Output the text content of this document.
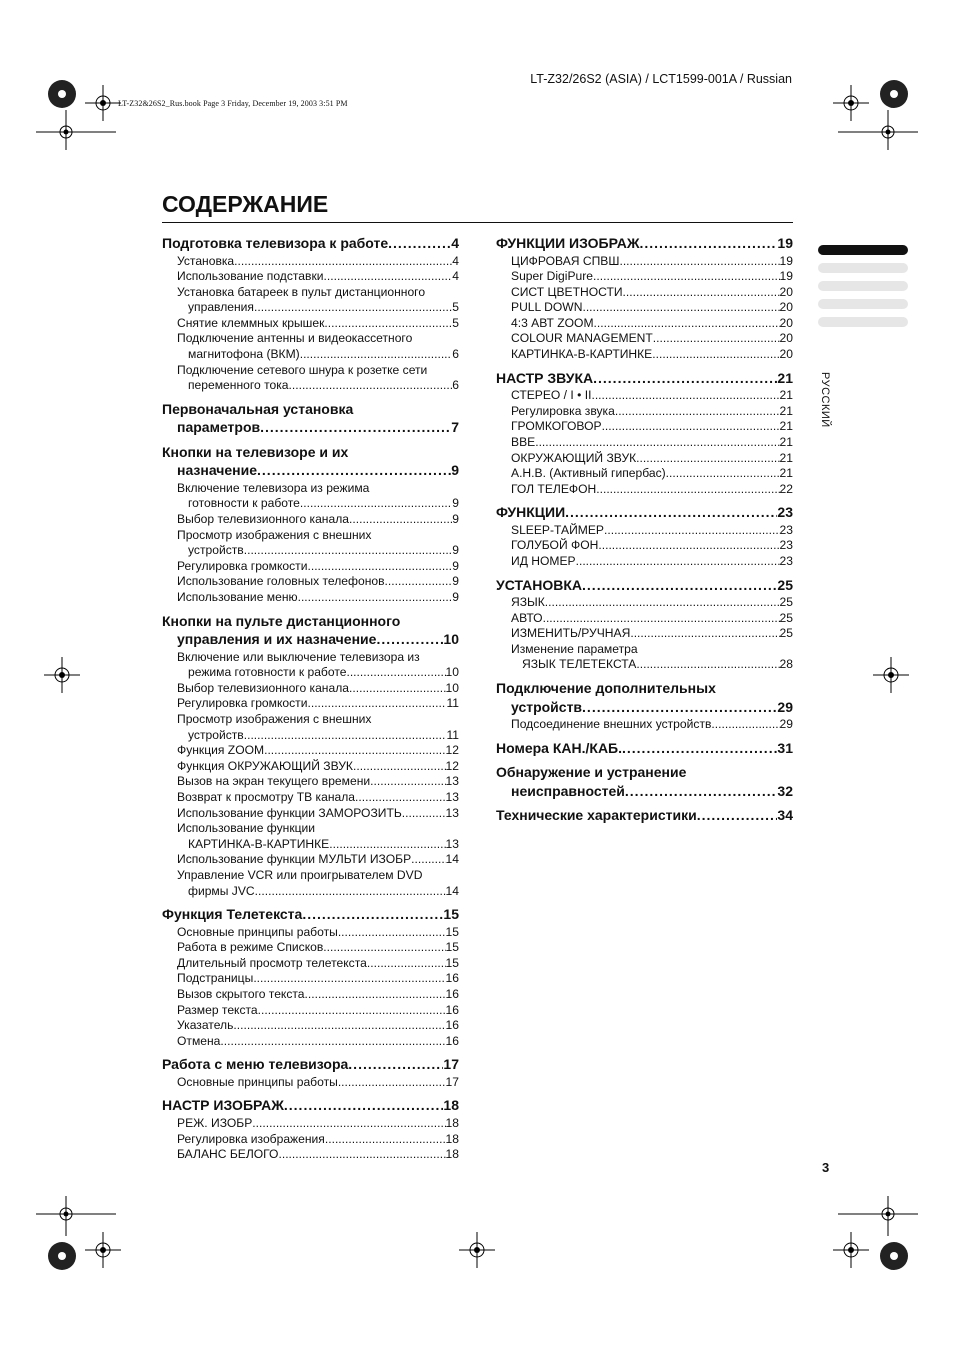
LT-Z32/26S2 (ASIA) / LCT1599-001A / Russian
LT-Z32&26S2_Rus.book Page 3 Friday, December 19, 2003 3:51 PM
СОДЕРЖАНИЕ
Подготовка телевизора к работе .....	4
Установка .....	4
Использование подставки .....	4
Установка батареек в пульт дистанционного
управления .....	5
Снятие клеммных крышек .....	5
Подключение антенны и видеокассетного
магнитофона (ВКМ) .....	6
Подключение сетевого шнура к розетке сети
переменного тока .....	6
Первоначальная установка
параметров .....	7
Кнопки на телевизоре и их
назначение .....	9
Включение телевизора из режима
готовности к работе .....	9
Выбор телевизионного канала .....	9
Просмотр изображения с внешних
устройств .....	9
Регулировка громкости .....	9
Использование головных телефонов .....	9
Использование меню .....	9
Кнопки на пульте дистанционного
управления и их назначение .....	10
Включение или выключение телевизора из
режима готовности к работе .....	10
Выбор телевизионного канала .....	10
Регулировка громкости .....	11
Просмотр изображения с внешних
устройств .....	11
Функция ZOOM .....	12
Функция ОКРУЖАЮЩИЙ ЗВУК .....	12
Вызов на экран текущего времени .....	13
Возврат к просмотру ТВ канала .....	13
Использование функции ЗАМОРОЗИТЬ .....	13
Использование функции
КАРТИНКА-В-КАРТИНКЕ .....	13
Использование функции МУЛЬТИ ИЗОБР .....	14
Управление VCR или проигрывателем DVD
фирмы JVC .....	14
Функция Телетекста .....	15
Основные принципы работы .....	15
Работа в режиме Списков .....	15
Длительный просмотр телетекста .....	15
Подстраницы .....	16
Вызов скрытого текста .....	16
Размер текста .....	16
Указатель .....	16
Отмена .....	16
Работа с меню телевизора .....	17
Основные принципы работы .....	17
НАСТР ИЗОБРАЖ .....	18
РЕЖ. ИЗОБР .....	18
Регулировка изображения .....	18
БАЛАНС БЕЛОГО .....	18
ФУНКЦИИ ИЗОБРАЖ .....	19
ЦИФРОВАЯ СПВШ .....	19
Super DigiPure .....	19
СИСТ ЦВЕТНОСТИ .....	20
PULL DOWN .....	20
4:3 АВТ ZOOM .....	20
COLOUR MANAGEMENT .....	20
КАРТИНКА-В-КАРТИНКЕ .....	20
НАСТР ЗВУКА .....	21
СТЕРЕО / I • II .....	21
Регулировка звука .....	21
ГРОМКОГОВОР .....	21
ВВЕ .....	21
ОКРУЖАЮЩИЙ ЗВУК .....	21
А.Н.В. (Активный гипербас) .....	21
ГОЛ ТЕЛЕФОН .....	22
ФУНКЦИИ .....	23
SLEEP-ТАЙМЕР .....	23
ГОЛУБОЙ ФОН .....	23
ИД НОМЕР .....	23
УСТАНОВКА .....	25
ЯЗЫК .....	25
АВТО .....	25
ИЗМЕНИТЬ/РУЧНАЯ .....	25
Изменение параметра
ЯЗЫК ТЕЛЕТЕКСТА .....	28
Подключение дополнительных
устройств .....	29
Подсоединение внешних устройств .....	29
Номера КАН./КАБ. .....	31
Обнаружение и устранение
неисправностей .....	32
Технические характеристики .....	34
РУССКИЙ
3
